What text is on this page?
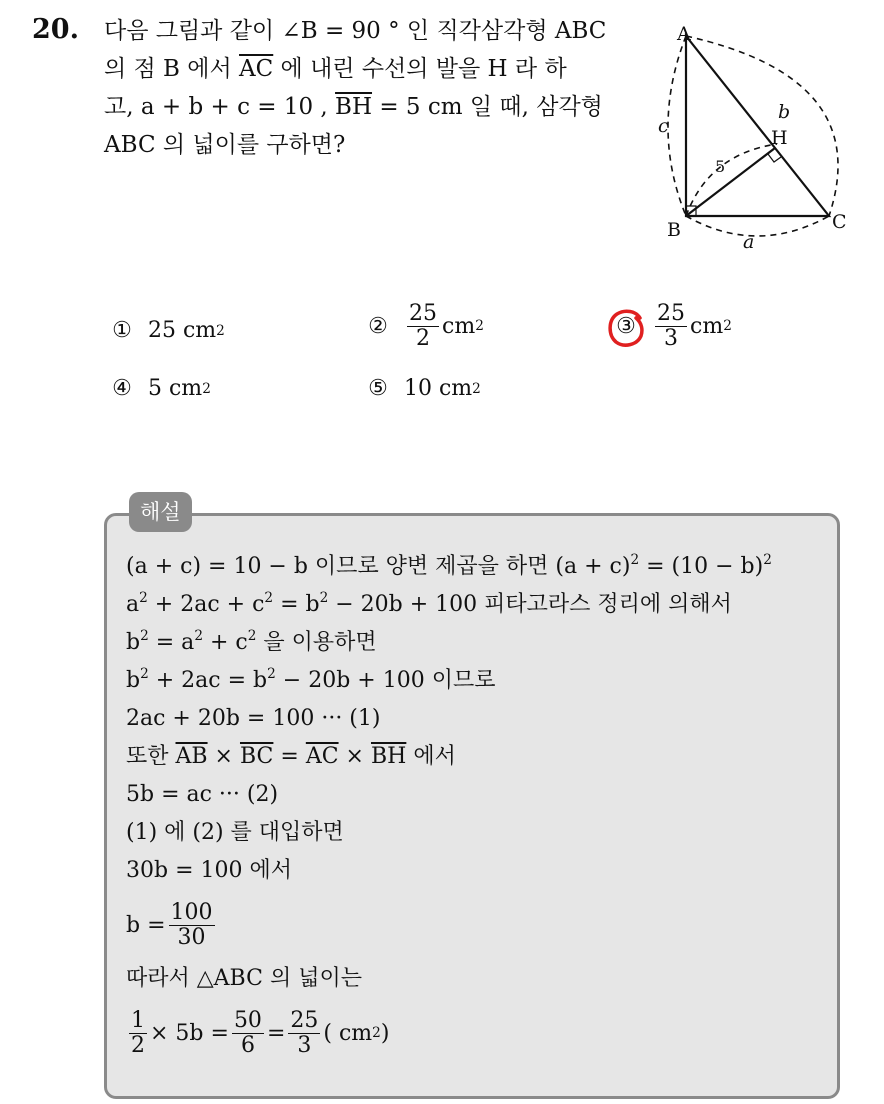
20. 다음 그림과 같이 ∠B = 90 ° 인 직각삼각형 ABC
의 점 B 에서 $\overline{AC}$ 에 내린 수선의 발을 H 라 하
고, a + b + c = 10 , $\overline{BH} = 5$ cm 일 때, 삼각형
ABC 의 넓이를 구하면?
A
B	C
H
a
b
c
5
① 25 cm 2	② $\frac{25}{2}$ cm 2	③ $\frac{25}{3}$ cm 2
④ 5 cm 2	⑤ 10 cm 2
해설
(a + c) = 10 − b 이므로 양변 제곱을 하면 $(a + c)^2 = (10 - b)^2$
$a^2 + 2ac + c^2 = b^2 - 20b + 100$ 피타고라스 정리에 의해서
$b^2 = a^2 + c^2$ 을 이용하면
$b^2 + 2ac = b^2 - 20b + 100$ 이므로
2ac + 20b = 100 ··· (1)
또한 $\overline{AB} \times \overline{BC} = \overline{AC} \times \overline{BH}$ 에서
5b = ac ··· (2)
(1) 에 (2) 를 대입하면
30b = 100 에서
$b = \frac{100}{30}$
따라서 △ABC 의 넓이는
$\frac{1}{2} \times 5b = \frac{50}{6} = \frac{25}{3}$ ( cm 2 )
